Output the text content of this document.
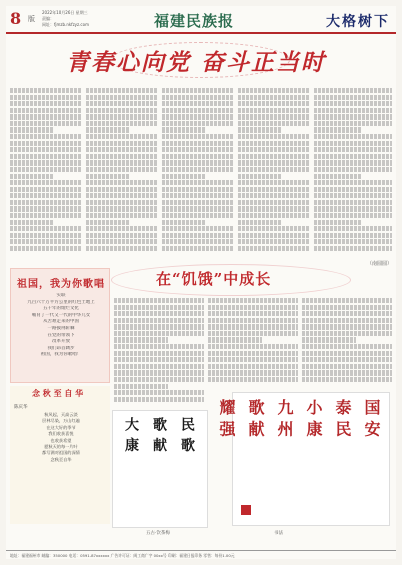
8 版
2022年10月26日 星期三
责编：
网址：fjmzb.nkfzyz.com	福建民族报	大格树下
青春心向党 奋斗正当时
（南圆圆）
祖国，我为你歌唱
实联
九百六十万平方公里的红色土地上
五千年的灿烂文化
哺育了一代又一代的中华儿女
从苦难走来的中国
一路披荆斩棘
在党的带领下
改革开放
我们昂首阔步
祖国，我为你歌唱！
念 秋 至 自 华
陈庆华
秋风起，天高云淡
层林尽染，万山红遍
在这大好的季节
我们收获喜悦
也收获希望
愿秋天的每一片叶
都写满对祖国的深情
念秋至自华
在“饥饿”中成长
民 歌
歌 献
大 康
五古·饮茶梅
国 安
泰 民
小 康
九 州
歌 献
耀 强
书法
地址：福建福州市 邮编：350000 电话：0591-87xxxxxx 广告许可证：闽工商广字 00xx号 印刷：福建日报印务 零售：每份1.00元
